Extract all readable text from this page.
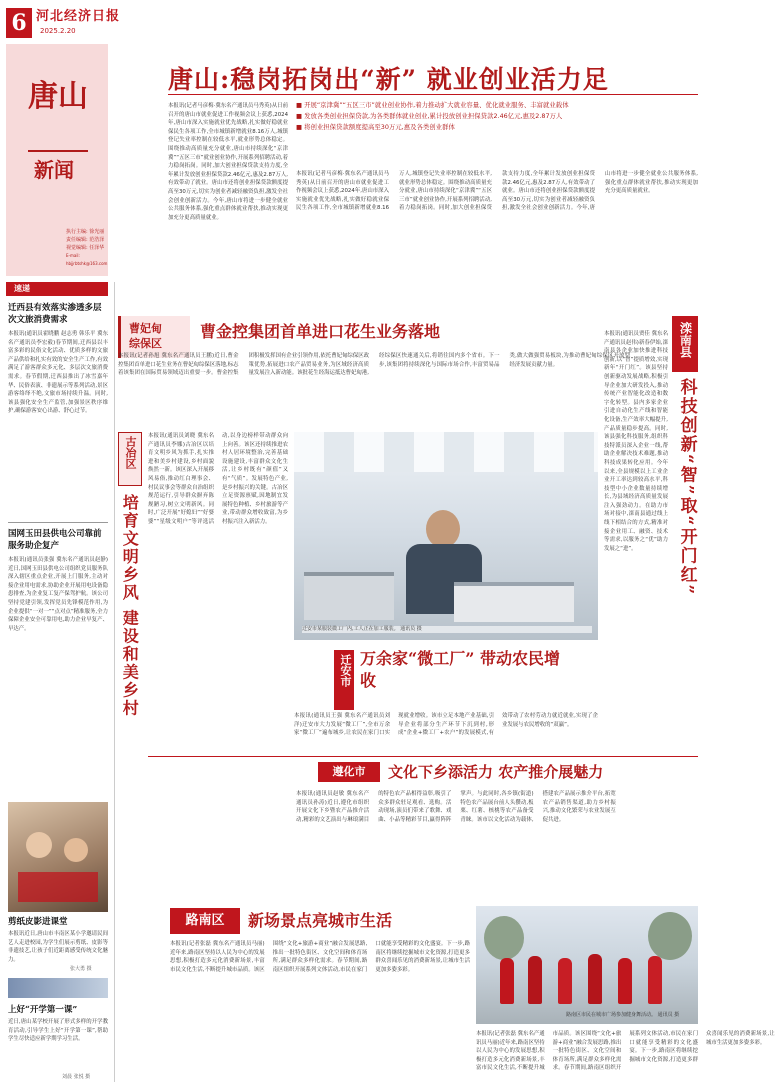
6 河北经济日报
2025.2.20
唐山
新闻
执行主编: 徐光丽
责任编辑: 范浩泽
视觉编辑: 任泽华
E-mail: hbjjrbtshk@163.com
唐山:稳岗拓岗出“新” 就业创业活力足
■ 开展“京津冀”“五区三市”就业创业协作,着力推动扩大就业容量、优化就业服务、丰富就业载体
■ 发放各类创业担保贷款,为各类群体就业创业,累计投放创业担保贷款2.46亿元,惠及2.87万人
■ 将创业担保贷款额度提高至30万元,惠及各类创业群体
本报讯(记者马彦梅·冀东名产通讯员马秀英)从日前召开的唐山市就业促进工作视频会议上获悉,2024年,唐山市深入实施就业优先战略,扎实做好稳就业保民生各项工作,全市城镇新增就业8.16万人,城镇登记失业率控制在较低水平,就业形势总体稳定。围绕推动高质量充分就业,唐山市持续深化“京津冀”“五区三市”就业创业协作,开展系列招聘活动,着力稳岗拓岗。同时,加大创业担保贷款支持力度,全年累计发放创业担保贷款2.46亿元,惠及2.87万人,有效带动了就业。唐山市还将创业担保贷款额度提高至30万元,切实为创业者减轻融资负担,激发全社会创业创新活力。今年,唐山市将进一步健全就业公共服务体系,强化重点群体就业帮扶,推动实现更加充分更高质量就业。
本报讯(记者马彦梅·冀东名产通讯员马秀英)从日前召开的唐山市就业促进工作视频会议上获悉,2024年,唐山市深入实施就业优先战略,扎实做好稳就业保民生各项工作,全市城镇新增就业8.16万人,城镇登记失业率控制在较低水平,就业形势总体稳定。围绕推动高质量充分就业,唐山市持续深化“京津冀”“五区三市”就业创业协作,开展系列招聘活动,着力稳岗拓岗。同时,加大创业担保贷款支持力度,全年累计发放创业担保贷款2.46亿元,惠及2.87万人,有效带动了就业。唐山市还将创业担保贷款额度提高至30万元,切实为创业者减轻融资负担,激发全社会创业创新活力。今年,唐山市将进一步健全就业公共服务体系,强化重点群体就业帮扶,推动实现更加充分更高质量就业。
速递
迁西县有效落实渗透多层次文旅消费需求
本报讯(通讯员霍晓鹏 赵志勇 韩乐平 冀东名产通讯员李宏毅)春节期间,迁西县以丰富多彩的民俗文化活动、优质多样的文旅产品供给和扎实有效的安全生产工作,有效满足了游客群众多元化、多层次文旅消费需求。春节假期,迁西县推出了冰雪嘉年华、民俗表演、非遗展示等系列活动,景区游客络绎不绝,文旅市场持续升温。同时,该县强化安全生产监管,加强景区秩序维护,确保游客安心出游、舒心过节。
国网玉田县供电公司靠前服务助企复产
本报讯(通讯员张强 冀东名产通讯员赵静)近日,国网玉田县供电公司组织党员服务队深入辖区重点企业,开展上门服务,主动对接企业用电需求,协助企业开展用电设备隐患排查,为企业复工复产保驾护航。该公司坚持党建引领,发挥党员先锋模范作用,为企业提供“一对一”“点对点”精准服务,全力保障企业安全可靠用电,助力企业早复产、早达产。
剪纸皮影进课堂
本报讯近日,唐山市丰南区某小学邀请民间艺人走进校园,为学生们展示剪纸、皮影等非遗技艺,让孩子们近距离感受传统文化魅力。
张大勇 摄
上好“开学第一课”
近日,唐山某学校开展了形式多样的开学教育活动,引导学生上好“开学第一课”,帮助学生尽快适应新学期学习生活。
刘晨 张悦 摄
曹妃甸
综保区
曹金控集团首单进口花生业务落地
本报讯(记者孙旭 冀东名产通讯员王鹏)近日,曹金控集团首单进口花生业务在曹妃甸综保区落地,标志着该集团在国际贸易领域迈出重要一步。曹金控集团积极发挥国有企业引领作用,依托曹妃甸综保区政策优势,拓展进口农产品贸易业务,为区域经济高质量发展注入新动能。该批花生经海运抵达曹妃甸港,经综保区快速通关后,将销往国内多个省市。下一步,该集团将持续深化与国际市场合作,丰富贸易品类,做大做强贸易板块,为推动曹妃甸综保区开放型经济发展贡献力量。
滦南县
科技创新“智”取“开门红”
本报讯(通讯员贾佳 冀东名产通讯员赵伟)新春伊始,滦南县各企业加快推进科技创新,以“智”提质增效,实现新年“开门红”。该县坚持创新驱动发展战略,积极引导企业加大研发投入,推动传统产业智能化改造和数字化转型。县内多家企业引进自动化生产线和智能化设备,生产效率大幅提升,产品质量稳步提高。同时,该县强化科技服务,组织科技特派员深入企业一线,帮助企业解决技术难题,推动科技成果转化应用。今年以来,全县规模以上工业企业开工率达到较高水平,科技型中小企业数量持续增长,为县域经济高质量发展注入强劲动力。在助力市场对接中,滦南县通过线上线下相结合的方式,精准对接企业用工、融资、技术等需求,以服务之“优”助力发展之“进”。
古冶区
培育文明乡风 建设和美乡村
本报讯(通讯员刘晓 冀东名产通讯员李娜)古冶区以培育文明乡风为抓手,扎实推进和美乡村建设,乡村面貌焕然一新。该区深入开展移风易俗,推动红白理事会、村民议事会等群众自治组织规范运行,引导群众摒弃陈规陋习,树立文明新风。同时,广泛开展“好媳妇”“好婆婆”“星级文明户”等评选活动,以身边榜样带动群众向上向善。该区还持续推进农村人居环境整治,完善基础设施建设,丰富群众文化生活,让乡村既有“颜值”又有“气质”。发展特色产业,是乡村振兴的关键。古冶区立足资源禀赋,因地制宜发展特色种植、乡村旅游等产业,带动群众增收致富,为乡村振兴注入新活力。
迁安市某服装微工厂内,工人正在加工服装。 通讯员 摄
迁安市 万余家“微工厂” 带动农民增收
本报讯(通讯员王强 冀东名产通讯员刘洋)迁安市大力发展“微工厂”,全市万余家“微工厂”遍布城乡,让农民在家门口实现就业增收。该市立足本地产业基础,引导企业将部分生产环节下沉到村,形成“企业+微工厂+农户”的发展模式,有效带动了农村劳动力就近就业,实现了企业发展与农民增收的“双赢”。
遵化市	文化下乡添活力 农产推介展魅力
本报讯(通讯员赵敏 冀东名产通讯员孙涛)近日,遵化市组织开展文化下乡暨农产品推介活动,精彩的文艺演出与琳琅满目的特色农产品相得益彰,吸引了众多群众驻足观看、选购。活动现场,演员们带来了歌舞、戏曲、小品等精彩节目,赢得阵阵掌声。与此同时,各乡镇(街道)特色农产品展台前人头攒动,板栗、红薯、核桃等农产品备受青睐。该市以文化活动为载体,搭建农产品展示推介平台,拓宽农产品销售渠道,助力乡村振兴,推动文化繁荣与农业发展互促共进。
路南区	新场景点亮城市生活
本报讯(记者张磊 冀东名产通讯员马丽)近年来,路南区坚持以人民为中心的发展思想,积极打造多元化消费新场景,丰富市民文化生活,不断提升城市品质。该区围绕“文化+旅游+商业”融合发展思路,推出一批特色街区、文化空间和体育场所,满足群众多样化需求。春节期间,路南区组织开展系列文体活动,市民在家门口就能享受精彩的文化盛宴。下一步,路南区将继续挖掘城市文化资源,打造更多群众喜闻乐见的消费新场景,让城市生活更加多姿多彩。
路南区市民在城市广场参加健身舞活动。 通讯员 摄
本报讯(记者张磊 冀东名产通讯员马丽)近年来,路南区坚持以人民为中心的发展思想,积极打造多元化消费新场景,丰富市民文化生活,不断提升城市品质。该区围绕“文化+旅游+商业”融合发展思路,推出一批特色街区、文化空间和体育场所,满足群众多样化需求。春节期间,路南区组织开展系列文体活动,市民在家门口就能享受精彩的文化盛宴。下一步,路南区将继续挖掘城市文化资源,打造更多群众喜闻乐见的消费新场景,让城市生活更加多姿多彩。
